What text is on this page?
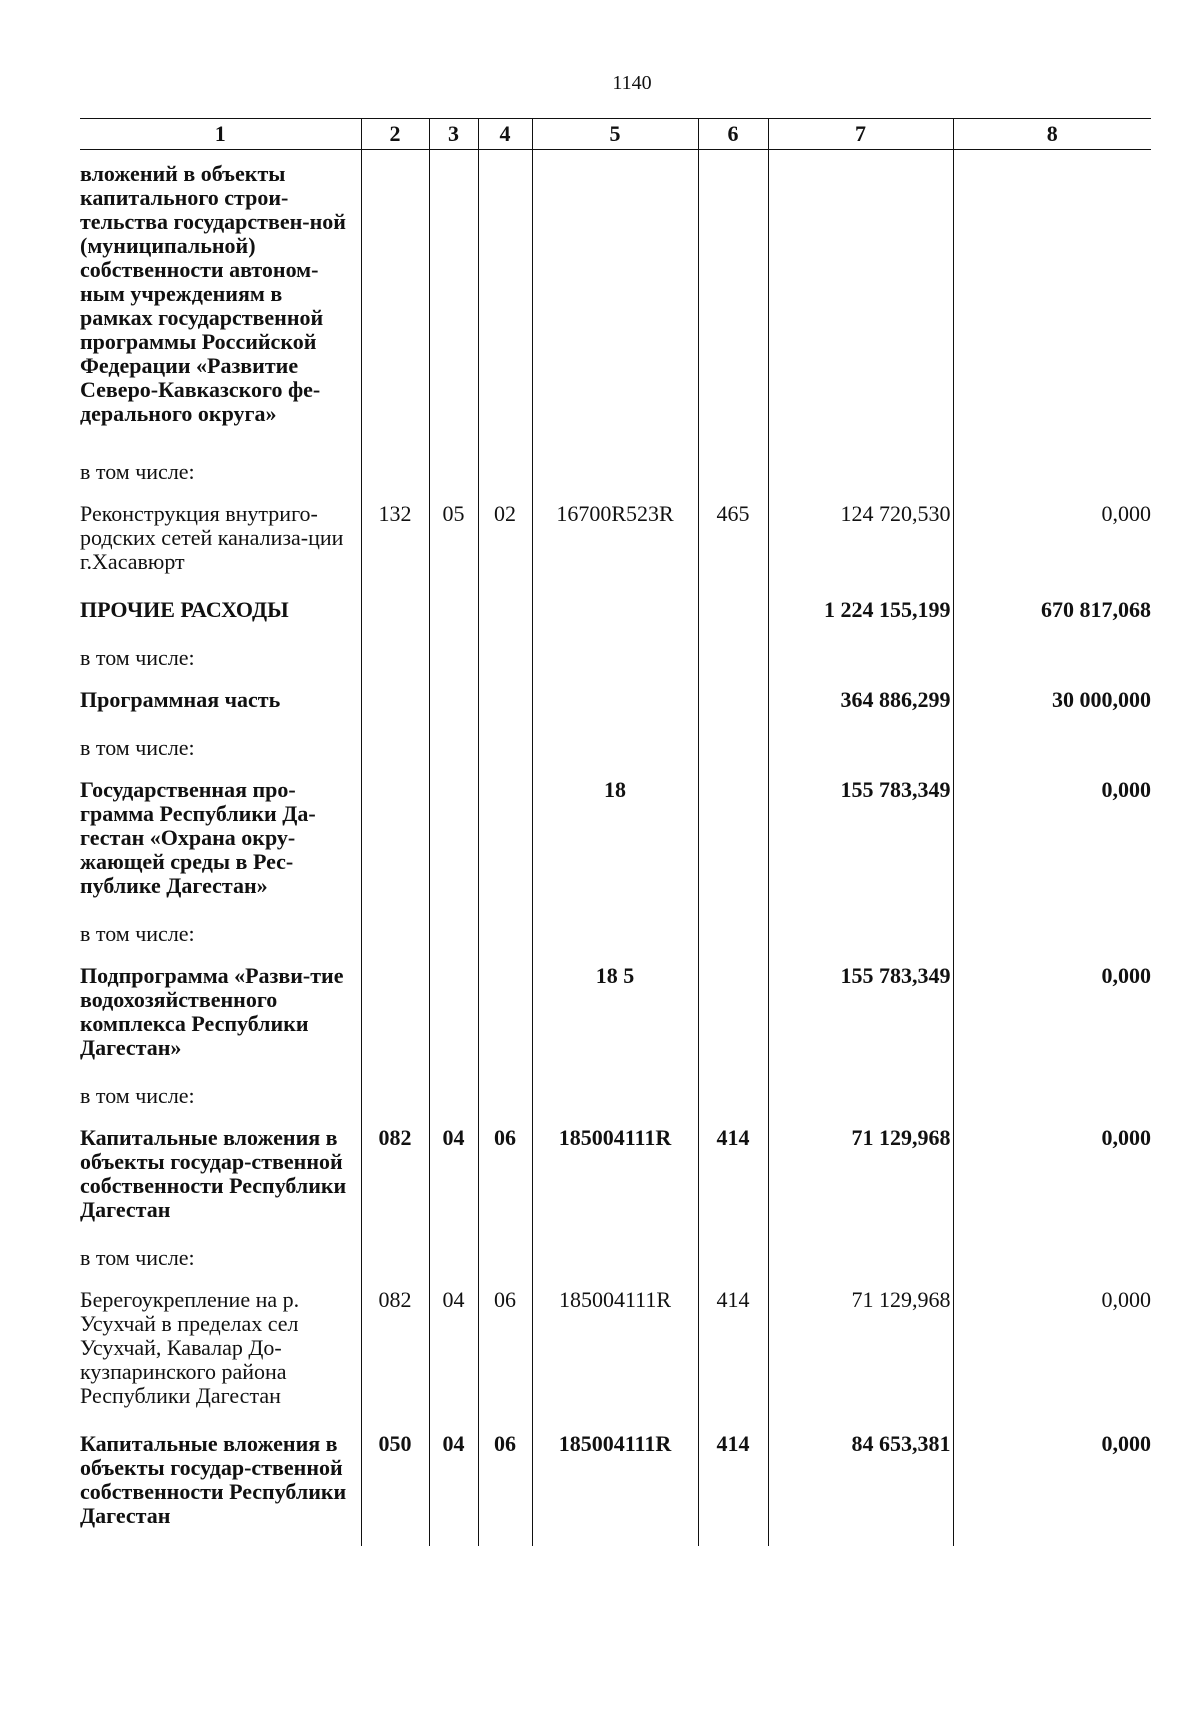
1140
1	2	3	4	5	6	7	8
вложений в объекты капитального строи-тельства государствен-ной (муниципальной) собственности автоном-ным учреждениям в рамках государственной программы Российской Федерации «Развитие Северо-Кавказского фе-дерального округа»							

в том числе:							

Реконструкция внутриго-родских сетей канализа-ции г.Хасавюрт	132	05	02	16700R523R	465	124 720,530	0,000

ПРОЧИЕ РАСХОДЫ						1 224 155,199	670 817,068

в том числе:							

Программная часть						364 886,299	30 000,000

в том числе:							

Государственная про-грамма Республики Да-гестан «Охрана окру-жающей среды в Рес-публике Дагестан»				18		155 783,349	0,000

в том числе:							

Подпрограмма «Разви-тие водохозяйственного комплекса Республики Дагестан»				18 5		155 783,349	0,000

в том числе:							

Капитальные вложения в объекты государ-ственной собственности Республики Дагестан	082	04	06	185004111R	414	71 129,968	0,000

в том числе:							

Берегоукрепление на р. Усухчай в пределах сел Усухчай, Кавалар До-кузпаринского района Республики Дагестан	082	04	06	185004111R	414	71 129,968	0,000

Капитальные вложения в объекты государ-ственной собственности Республики Дагестан	050	04	06	185004111R	414	84 653,381	0,000
